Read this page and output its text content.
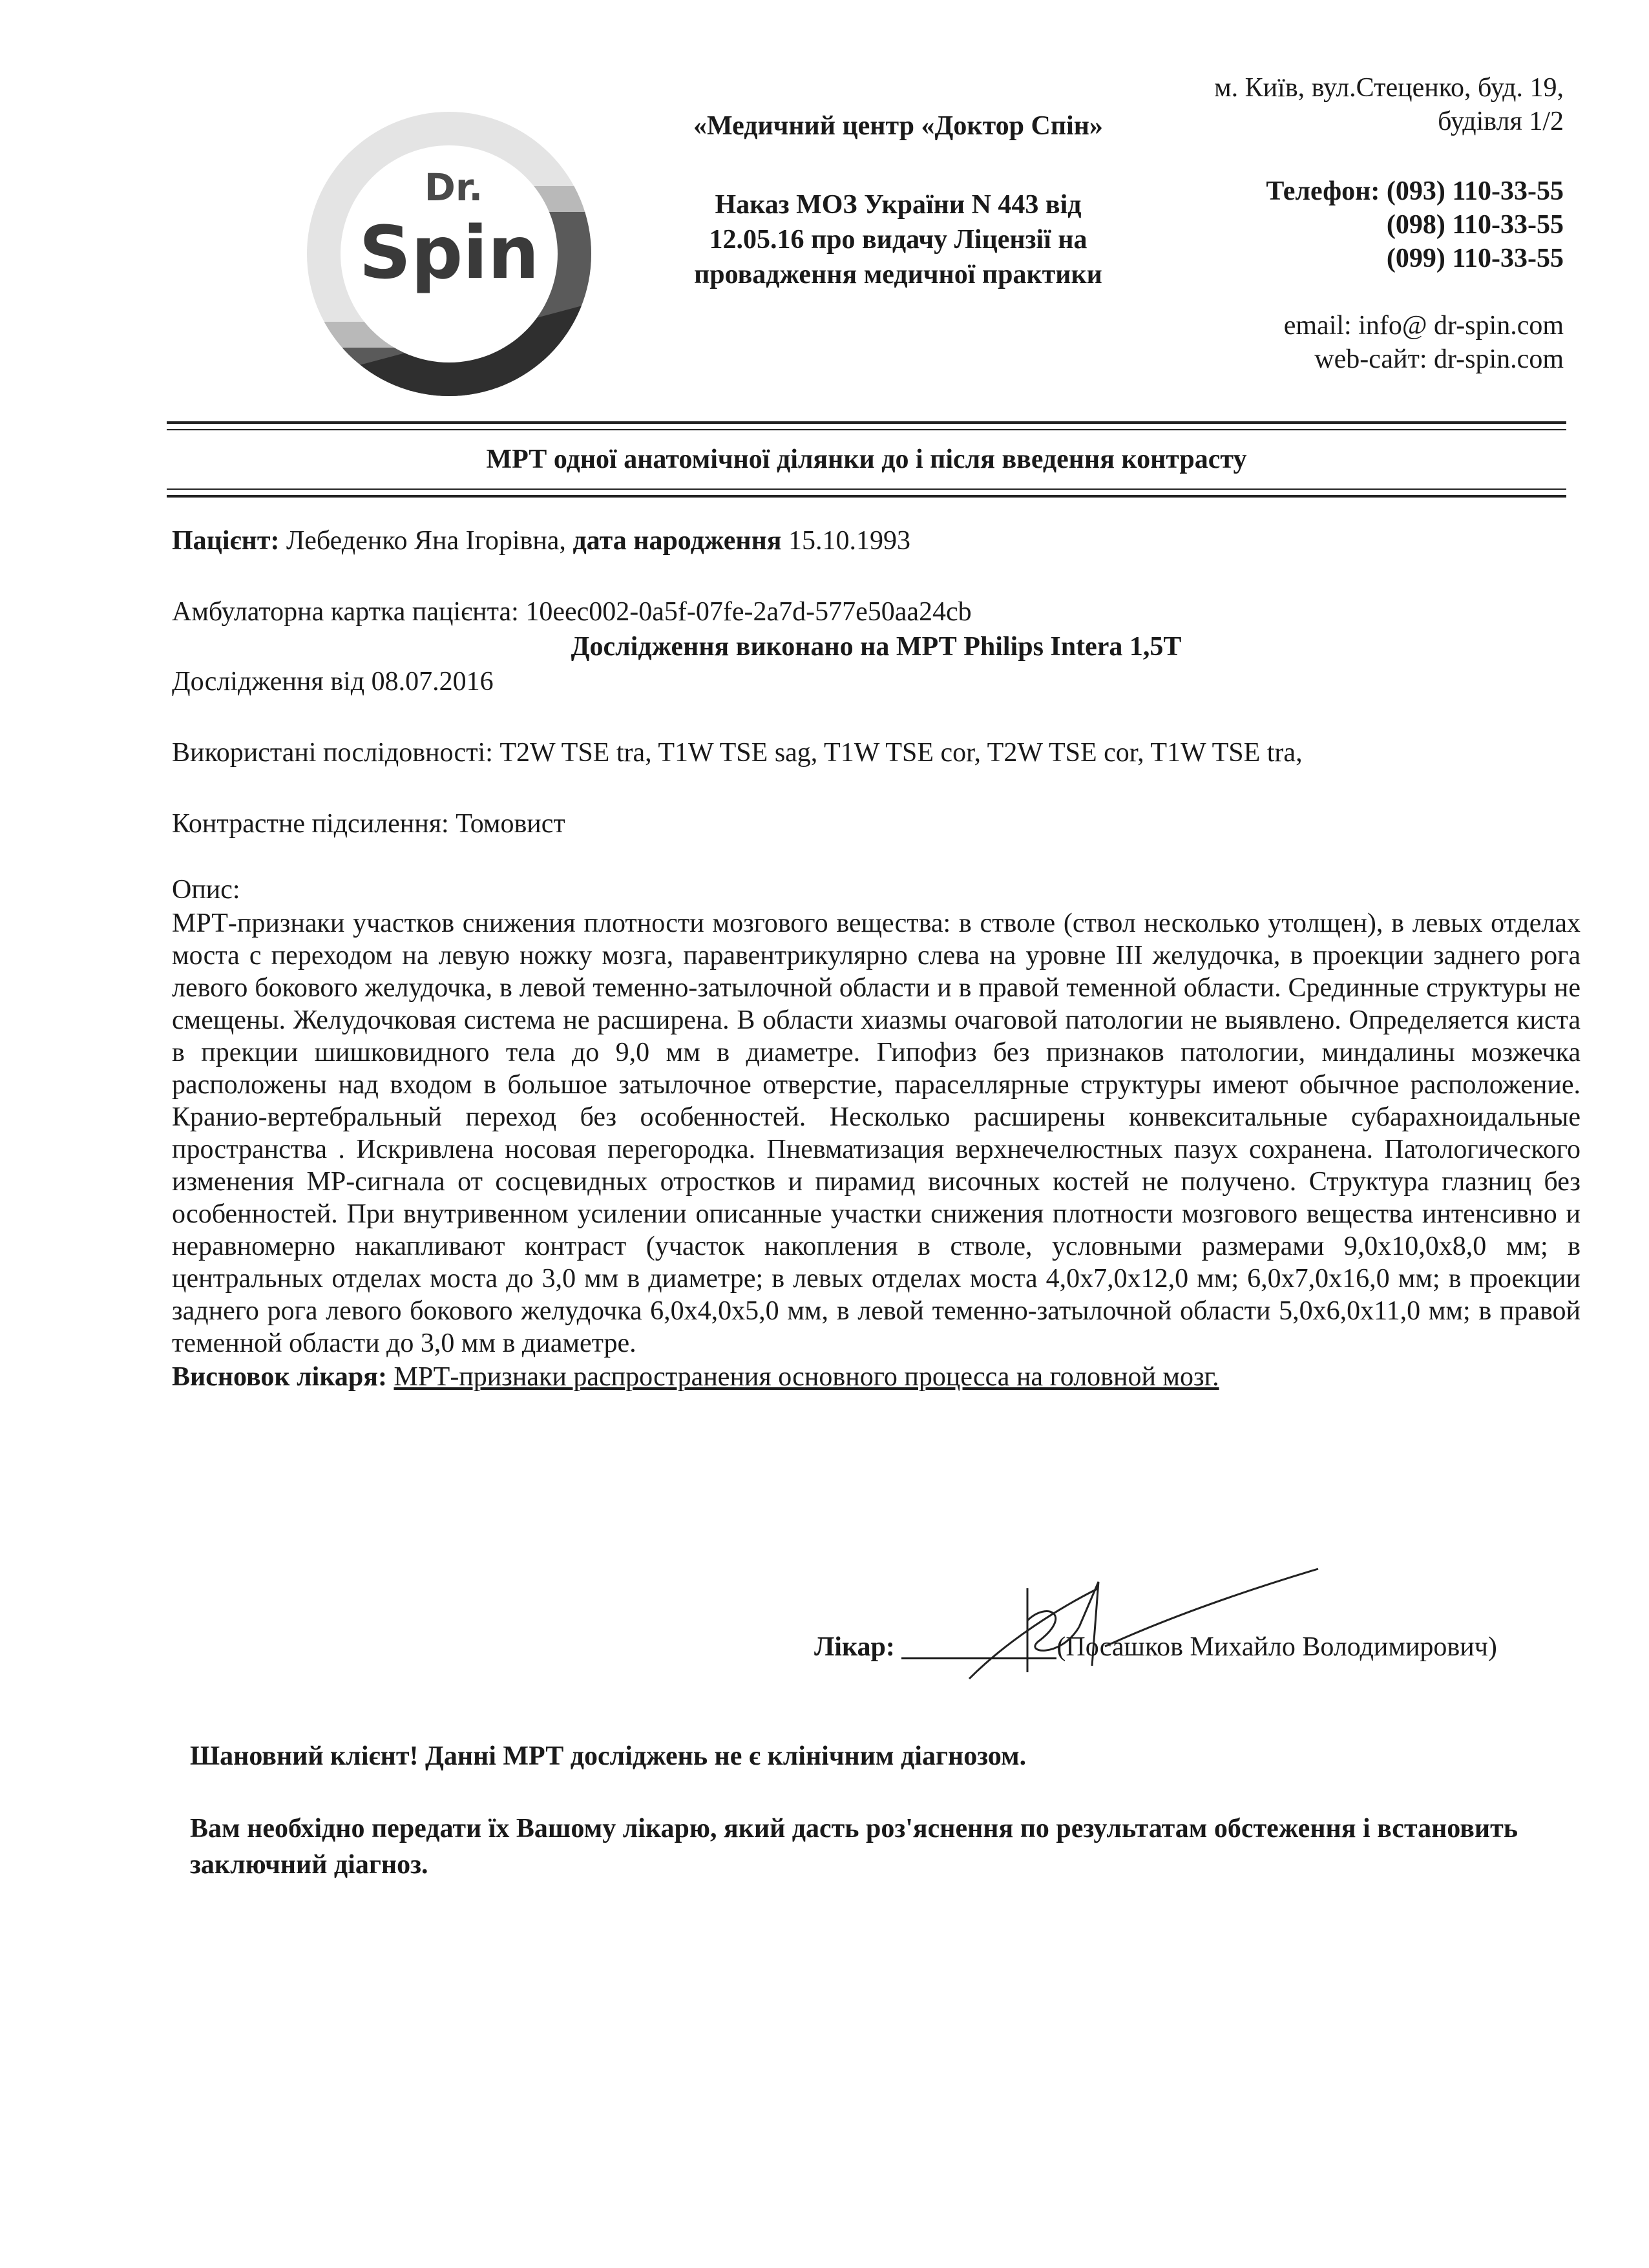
Dr.
Spin
«Медичний центр «Доктор Спін»
Наказ МОЗ України N 443 від 12.05.16 про видачу Ліцензії на провадження медичної практики
м. Київ, вул.Стеценко, буд. 19,
будівля 1/2
Телефон: (093) 110-33-55
(098) 110-33-55
(099) 110-33-55
email: info@ dr-spin.com
web-сайт: dr-spin.com
МРТ одної анатомічної ділянки до і після введення контрасту
Пацієнт: Лебеденко Яна Ігорівна, дата народження 15.10.1993
Амбулаторна картка пацієнта: 10eec002-0a5f-07fe-2a7d-577e50aa24cb
Дослідження виконано на МРТ Philips Intera 1,5T
Дослідження від 08.07.2016
Використані послідовності: T2W TSE tra, T1W TSE sag, T1W TSE cor, T2W TSE cor, T1W TSE tra,
Контрастне підсилення: Томовист
Опис:
МРТ-признаки участков снижения плотности мозгового вещества: в стволе (ствол несколько утолщен), в левых отделах моста с переходом на левую ножку мозга, паравентрикулярно слева на уровне III желудочка, в проекции заднего рога левого бокового желудочка, в левой теменно-затылочной области и в правой теменной области. Срединные структуры не смещены. Желудочковая система не расширена. В области хиазмы очаговой патологии не выявлено. Определяется киста в прекции шишковидного тела до 9,0 мм в диаметре. Гипофиз без признаков патологии, миндалины мозжечка расположены над входом в большое затылочное отверстие, параселлярные структуры имеют обычное расположение. Кранио-вертебральный переход без особенностей. Несколько расширены конвекситальные субарахноидальные пространства . Искривлена носовая перегородка. Пневматизация верхнечелюстных пазух сохранена. Патологического изменения МР-сигнала от сосцевидных отростков и пирамид височных костей не получено. Структура глазниц без особенностей. При внутривенном усилении описанные участки снижения плотности мозгового вещества интенсивно и неравномерно накапливают контраст (участок накопления в стволе, условными размерами 9,0х10,0х8,0 мм; в центральных отделах моста до 3,0 мм в диаметре; в левых отделах моста 4,0х7,0х12,0 мм; 6,0х7,0х16,0 мм; в проекции заднего рога левого бокового желудочка 6,0х4,0х5,0 мм, в левой теменно-затылочной области 5,0х6,0х11,0 мм; в правой теменной области до 3,0 мм в диаметре.
Висновок лікаря: МРТ-признаки распространения основного процесса на головной мозг.
Лікар:	(Посашков Михайло Володимирович)
Шановний клієнт! Данні МРТ досліджень не є клінічним діагнозом.
Вам необхідно передати їх Вашому лікарю, який дасть роз'яснення по результатам обстеження і встановить заключний діагноз.
